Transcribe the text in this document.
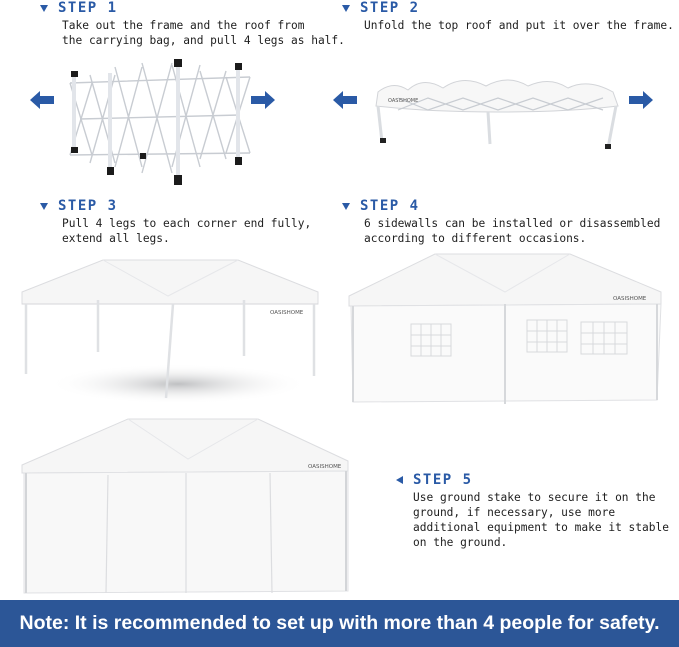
STEP 1
Take out the frame and the roof from
the carrying bag, and pull 4 legs as half.
STEP 2
Unfold the top roof and put it over the frame.
OASISHOME
STEP 3
Pull 4 legs to each corner end fully,
extend all legs.
STEP 4
6 sidewalls can be installed or disassembled
according to different occasions.
OASISHOME
OASISHOME
OASISHOME
STEP 5
Use ground stake to secure it on the
ground, if necessary, use more
additional equipment to make it stable
on the ground.
Note: It is recommended to set up with more than 4 people for safety.
